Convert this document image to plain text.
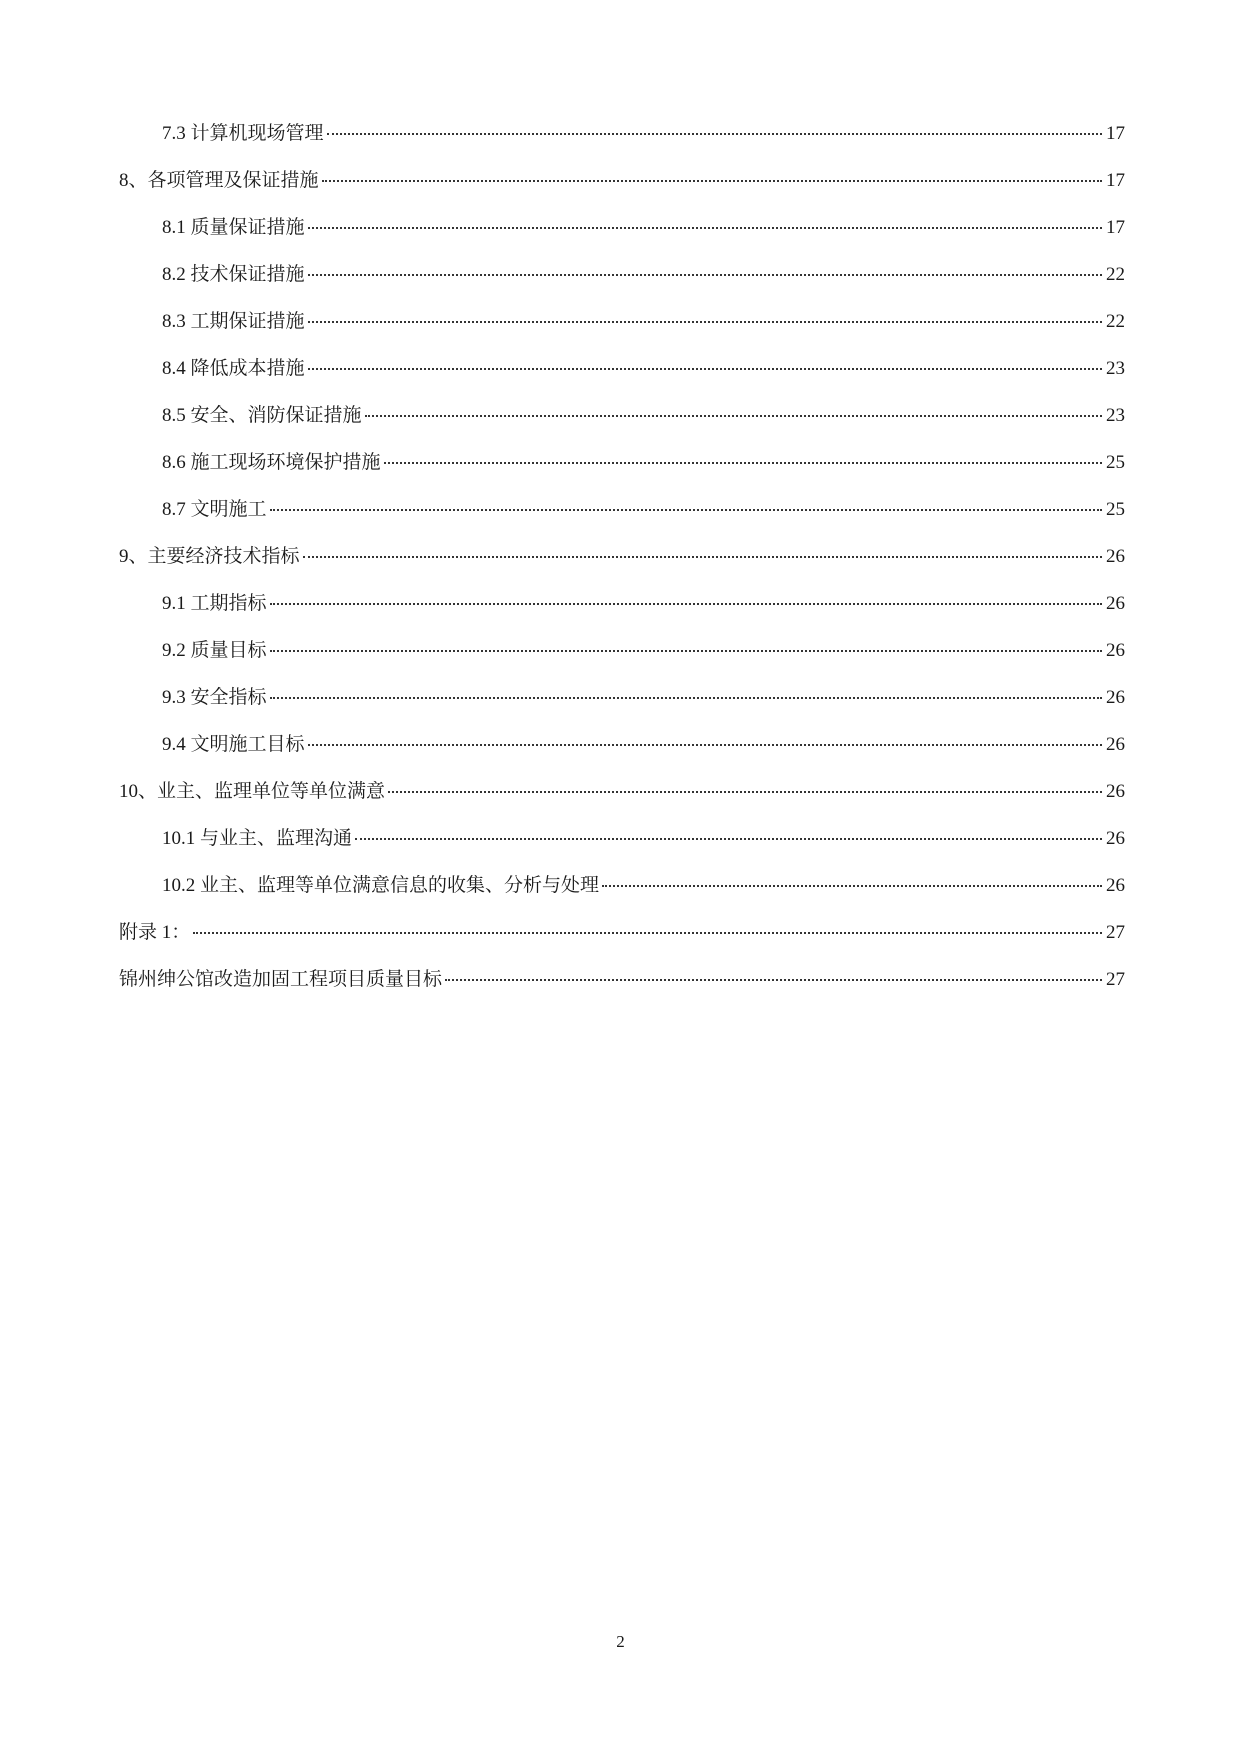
7.3 计算机现场管理	17
8、各项管理及保证措施	17
8.1 质量保证措施	17
8.2 技术保证措施	22
8.3 工期保证措施	22
8.4 降低成本措施	23
8.5 安全、消防保证措施	23
8.6 施工现场环境保护措施	25
8.7 文明施工	25
9、主要经济技术指标	26
9.1 工期指标	26
9.2 质量目标	26
9.3 安全指标	26
9.4 文明施工目标	26
10、业主、监理单位等单位满意	26
10.1 与业主、监理沟通	26
10.2 业主、监理等单位满意信息的收集、分析与处理	26
附录 1：	27
锦州绅公馆改造加固工程项目质量目标	27
2
